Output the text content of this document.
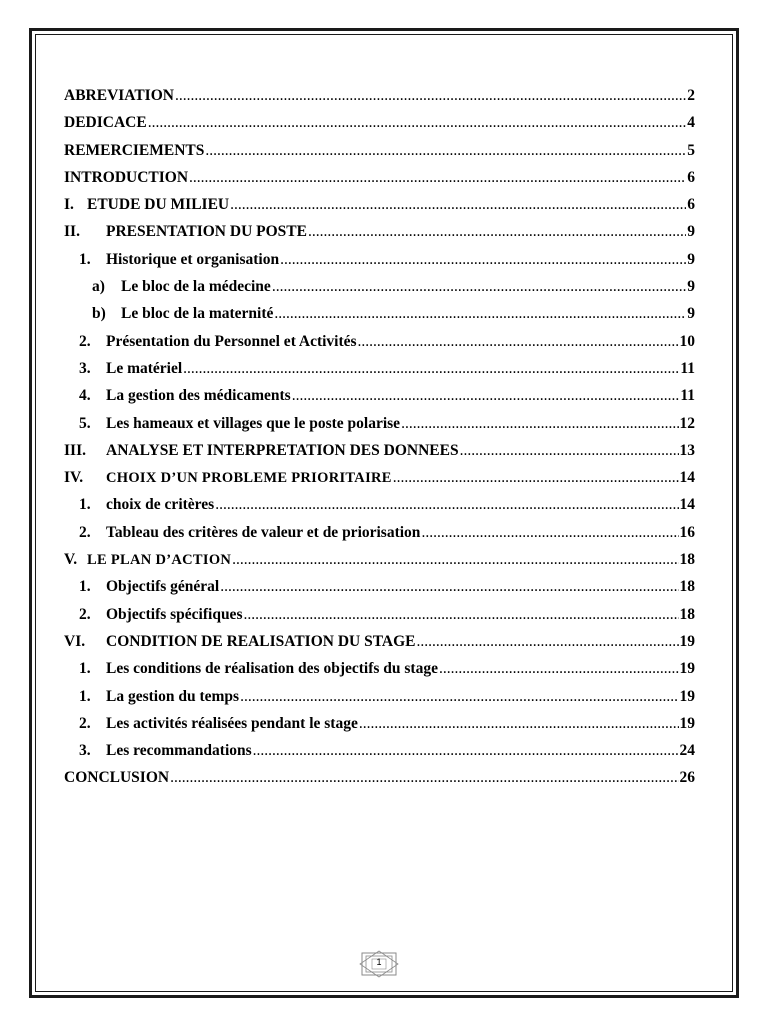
ABREVIATION .....	2
DEDICACE .....	4
REMERCIEMENTS .....	5
INTRODUCTION .....	6
I. ETUDE DU MILIEU .....	6
II.	PRESENTATION DU POSTE .....	9
1. Historique et organisation .....	9
a)	Le bloc de la médecine .....	9
b) Le bloc de la maternité .....	9
2. Présentation du Personnel et Activités .....	10
3. Le matériel .....	11
4. La gestion des médicaments .....	11
5. Les hameaux et villages que le poste polarise .....	12
III.	ANALYSE ET INTERPRETATION DES DONNEES .....	13
IV.	CHOIX D’UN PROBLEME PRIORITAIRE .....	14
1. choix de critères .....	14
2. Tableau des critères de valeur et de priorisation .....	16
V. LE PLAN D’ACTION .....	18
1. Objectifs général .....	18
2. Objectifs spécifiques .....	18
VI.	CONDITION DE REALISATION DU STAGE .....	19
1. Les conditions de réalisation des objectifs du stage .....	19
1. La gestion du temps .....	19
2. Les activités réalisées pendant le stage .....	19
3. Les recommandations .....	24
CONCLUSION .....	26
1
